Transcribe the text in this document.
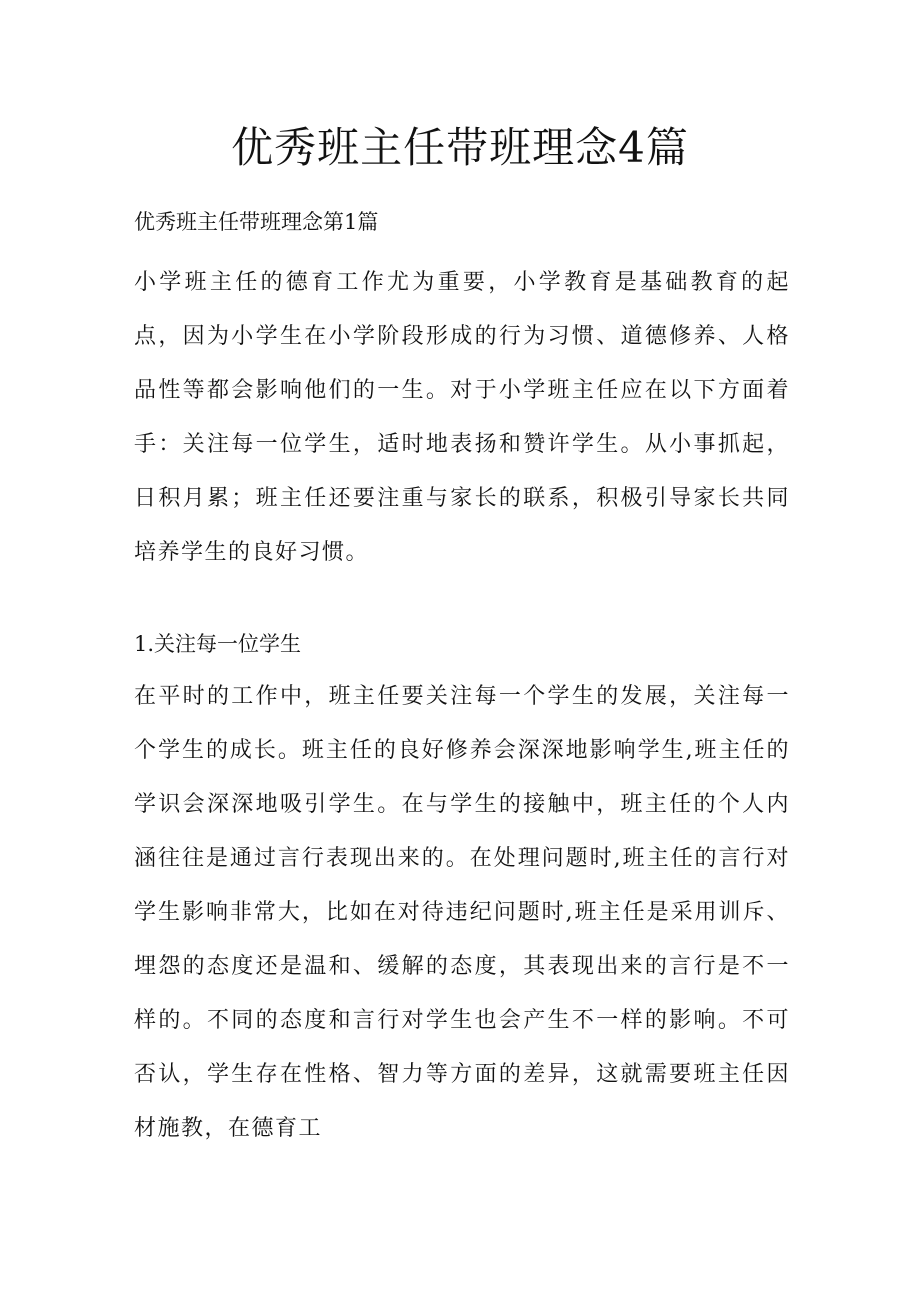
优秀班主任带班理念4篇
优秀班主任带班理念第1篇

小学班主任的德育工作尤为重要，小学教育是基础教育的起点，因为小学生在小学阶段形成的行为习惯、道德修养、人格品性等都会影响他们的一生。对于小学班主任应在以下方面着手：关注每一位学生，适时地表扬和赞许学生。从小事抓起，日积月累；班主任还要注重与家长的联系，积极引导家长共同培养学生的良好习惯。

1.关注每一位学生

在平时的工作中，班主任要关注每一个学生的发展，关注每一个学生的成长。班主任的良好修养会深深地影响学生,班主任的学识会深深地吸引学生。在与学生的接触中，班主任的个人内涵往往是通过言行表现出来的。在处理问题时,班主任的言行对学生影响非常大，比如在对待违纪问题时,班主任是采用训斥、埋怨的态度还是温和、缓解的态度，其表现出来的言行是不一样的。不同的态度和言行对学生也会产生不一样的影响。不可否认，学生存在性格、智力等方面的差异，这就需要班主任因材施教，在德育工
